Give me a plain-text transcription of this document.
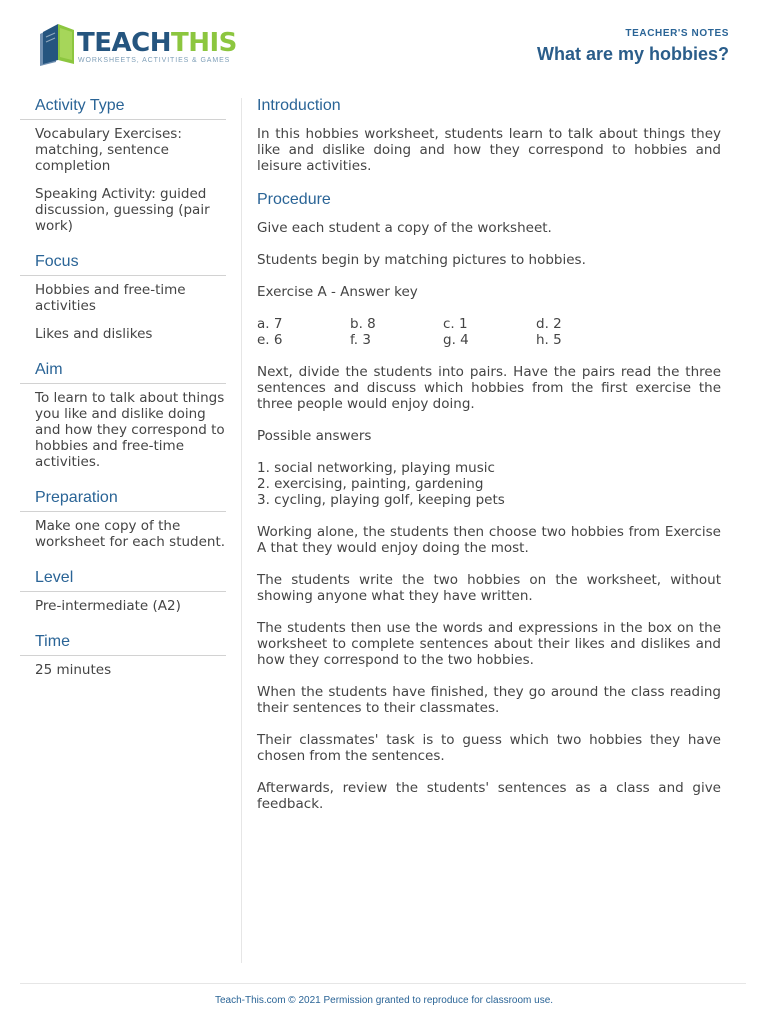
TEACHTHIS
WORKSHEETS, ACTIVITIES & GAMES
TEACHER'S NOTES
What are my hobbies?
Activity Type

Vocabulary Exercises: matching, sentence completion

Speaking Activity: guided discussion, guessing (pair work)

Focus

Hobbies and free-time activities

Likes and dislikes

Aim

To learn to talk about things you like and dislike doing and how they correspond to hobbies and free-time activities.

Preparation

Make one copy of the worksheet for each student.

Level

Pre-intermediate (A2)

Time

25 minutes

Introduction

In this hobbies worksheet, students learn to talk about things they like and dislike doing and how they correspond to hobbies and leisure activities.

Procedure

Give each student a copy of the worksheet.

Students begin by matching pictures to hobbies.

Exercise A - Answer key

a. 7	b. 8	c. 1	d. 2
e. 6	f. 3	g. 4	h. 5

Next, divide the students into pairs. Have the pairs read the three sentences and discuss which hobbies from the first exercise the three people would enjoy doing.

Possible answers

1. social networking, playing music
2. exercising, painting, gardening
3. cycling, playing golf, keeping pets

Working alone, the students then choose two hobbies from Exercise A that they would enjoy doing the most.

The students write the two hobbies on the worksheet, without showing anyone what they have written.

The students then use the words and expressions in the box on the worksheet to complete sentences about their likes and dislikes and how they correspond to the two hobbies.

When the students have finished, they go around the class reading their sentences to their classmates.

Their classmates' task is to guess which two hobbies they have chosen from the sentences.

Afterwards, review the students' sentences as a class and give feedback.

Teach-This.com © 2021 Permission granted to reproduce for classroom use.
